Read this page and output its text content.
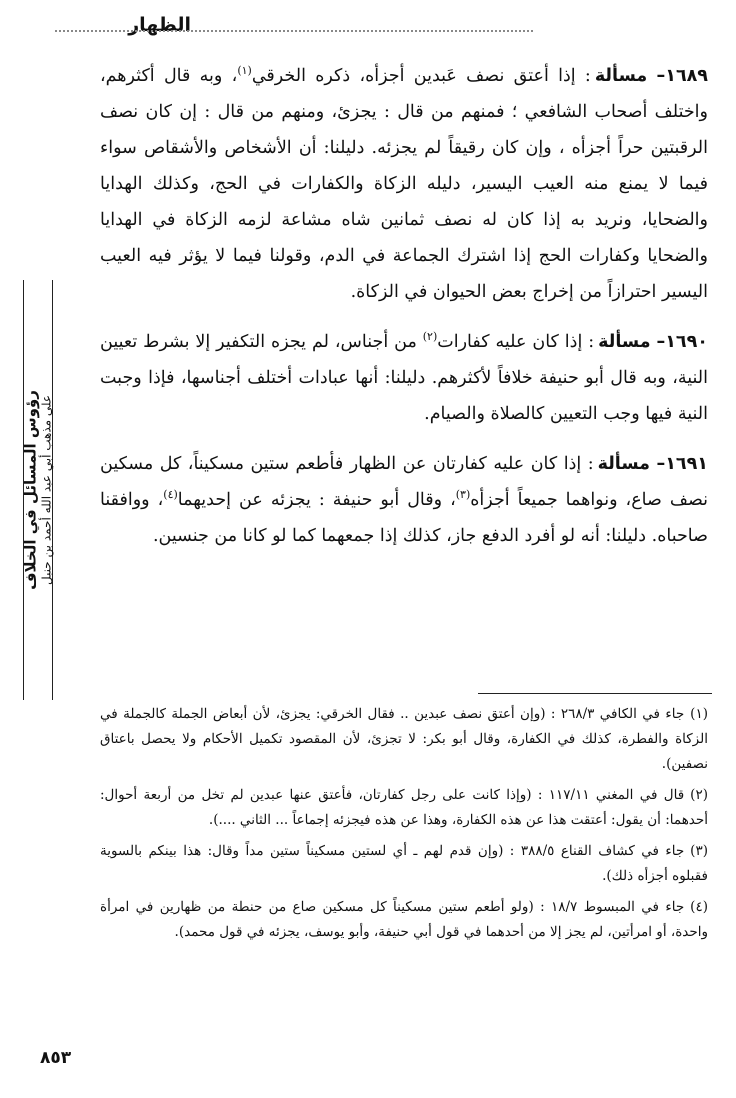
الظهار
رؤوس المسائل في الخلاف على مذهب أبي عبد الله أحمد بن حنبل

١٦٨٩– مسألة: إذا أعتق نصف عَبدين أجزأه، ذكره الخرقي$^{(١)}$، وبه قال أكثرهم، واختلف أصحاب الشافعي ؛ فمنهم من قال : يجزئ، ومنهم من قال : إن كان نصف الرقبتين حراً أجزأه ، وإن كان رقيقاً لم يجزئه. دليلنا: أن الأشخاص والأشقاص سواء فيما لا يمنع منه العيب اليسير، دليله الزكاة والكفارات في الحج، وكذلك الهدايا والضحايا، ونريد به إذا كان له نصف ثمانين شاه مشاعة لزمه الزكاة في الهدايا والضحايا وكفارات الحج إذا اشترك الجماعة في الدم، وقولنا فيما لا يؤثر فيه العيب اليسير احترازاً من إخراج بعض الحيوان في الزكاة.

١٦٩٠– مسألة: إذا كان عليه كفارات$^{(٢)}$ من أجناس، لم يجزه التكفير إلا بشرط تعيين النية، وبه قال أبو حنيفة خلافاً لأكثرهم. دليلنا: أنها عبادات أختلف أجناسها، فإذا وجبت النية فيها وجب التعيين كالصلاة والصيام.

١٦٩١– مسألة: إذا كان عليه كفارتان عن الظهار فأطعم ستين مسكيناً، كل مسكين نصف صاع، ونواهما جميعاً أجزأه$^{(٣)}$، وقال أبو حنيفة : يجزئه عن إحديهما$^{(٤)}$، ووافقنا صاحباه. دليلنا: أنه لو أفرد الدفع جاز، كذلك إذا جمعهما كما لو كانا من جنسين.

(١)جاء في الكافي ٢٦٨/٣ : (وإن أعتق نصف عبدين .. فقال الخرقي: يجزئ، لأن أبعاض الجملة كالجملة في الزكاة والفطرة، كذلك في الكفارة، وقال أبو بكر: لا تجزئ، لأن المقصود تكميل الأحكام ولا يحصل باعتاق نصفين).

(٢)قال في المغني ١١٧/١١ : (وإذا كانت على رجل كفارتان، فأعتق عنها عبدين لم تخل من أربعة أحوال: أحدهما: أن يقول: أعتقت هذا عن هذه الكفارة، وهذا عن هذه فيجزئه إجماعاً ... الثاني ....).

(٣)جاء في كشاف القناع ٣٨٨/٥ : (وإن قدم لهم ـ أي لستين مسكيناً ستين مداً وقال: هذا بينكم بالسوية فقبلوه أجزأه ذلك).

(٤)جاء في المبسوط ١٨/٧ : (ولو أطعم ستين مسكيناً كل مسكين صاع من حنطة من ظهارين في امرأة واحدة، أو امرأتين، لم يجز إلا من أحدهما في قول أبي حنيفة، وأبو يوسف، يجزئه في قول محمد).

٨٥٣
